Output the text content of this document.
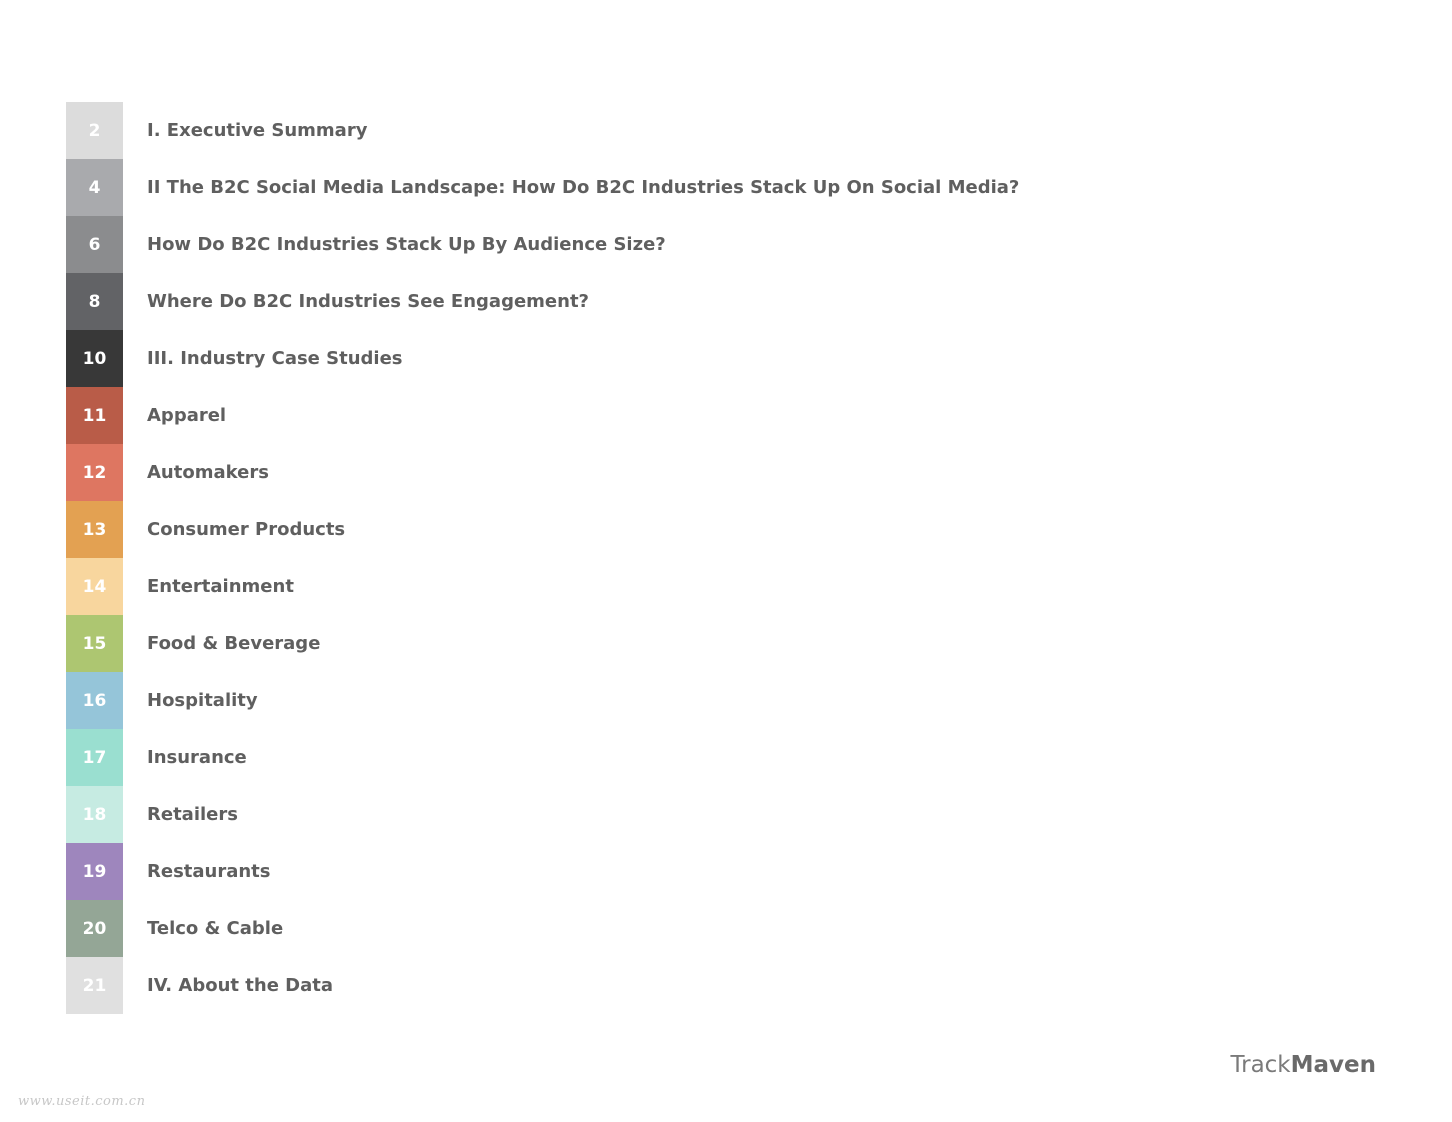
2	I. Executive Summary
4	II The B2C Social Media Landscape: How Do B2C Industries Stack Up On Social Media?
6	How Do B2C Industries Stack Up By Audience Size?
8	Where Do B2C Industries See Engagement?
10	III. Industry Case Studies
11	Apparel
12	Automakers
13	Consumer Products
14	Entertainment
15	Food & Beverage
16	Hospitality
17	Insurance
18	Retailers
19	Restaurants
20	Telco & Cable
21	IV. About the Data
TrackMaven
www.useit.com.cn
